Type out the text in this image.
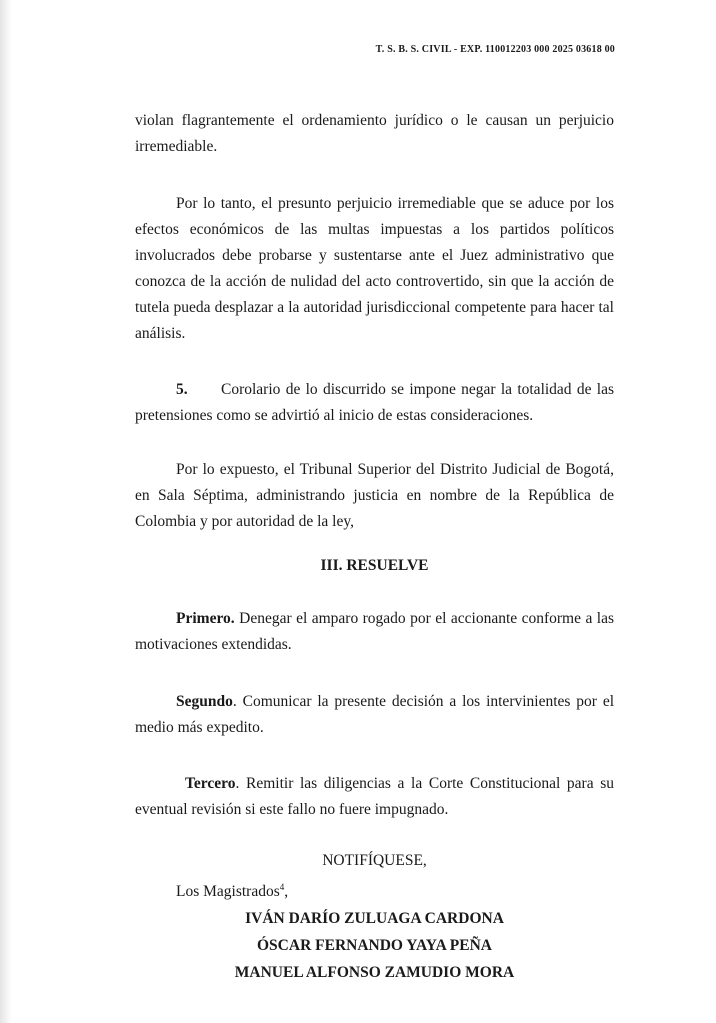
T. S. B. S. CIVIL - EXP. 110012203 000 2025 03618 00

violan flagrantemente el ordenamiento jurídico o le causan un perjuicio irremediable.

Por lo tanto, el presunto perjuicio irremediable que se aduce por los efectos económicos de las multas impuestas a los partidos políticos involucrados debe probarse y sustentarse ante el Juez administrativo que conozca de la acción de nulidad del acto controvertido, sin que la acción de tutela pueda desplazar a la autoridad jurisdiccional competente para hacer tal análisis.

5. Corolario de lo discurrido se impone negar la totalidad de las pretensiones como se advirtió al inicio de estas consideraciones.

Por lo expuesto, el Tribunal Superior del Distrito Judicial de Bogotá, en Sala Séptima, administrando justicia en nombre de la República de Colombia y por autoridad de la ley,

III. RESUELVE

Primero. Denegar el amparo rogado por el accionante conforme a las motivaciones extendidas.

Segundo. Comunicar la presente decisión a los intervinientes por el medio más expedito.

Tercero. Remitir las diligencias a la Corte Constitucional para su eventual revisión si este fallo no fuere impugnado.

NOTIFÍQUESE,
Los Magistrados$^4$,
IVÁN DARÍO ZULUAGA CARDONA
ÓSCAR FERNANDO YAYA PEÑA
MANUEL ALFONSO ZAMUDIO MORA
